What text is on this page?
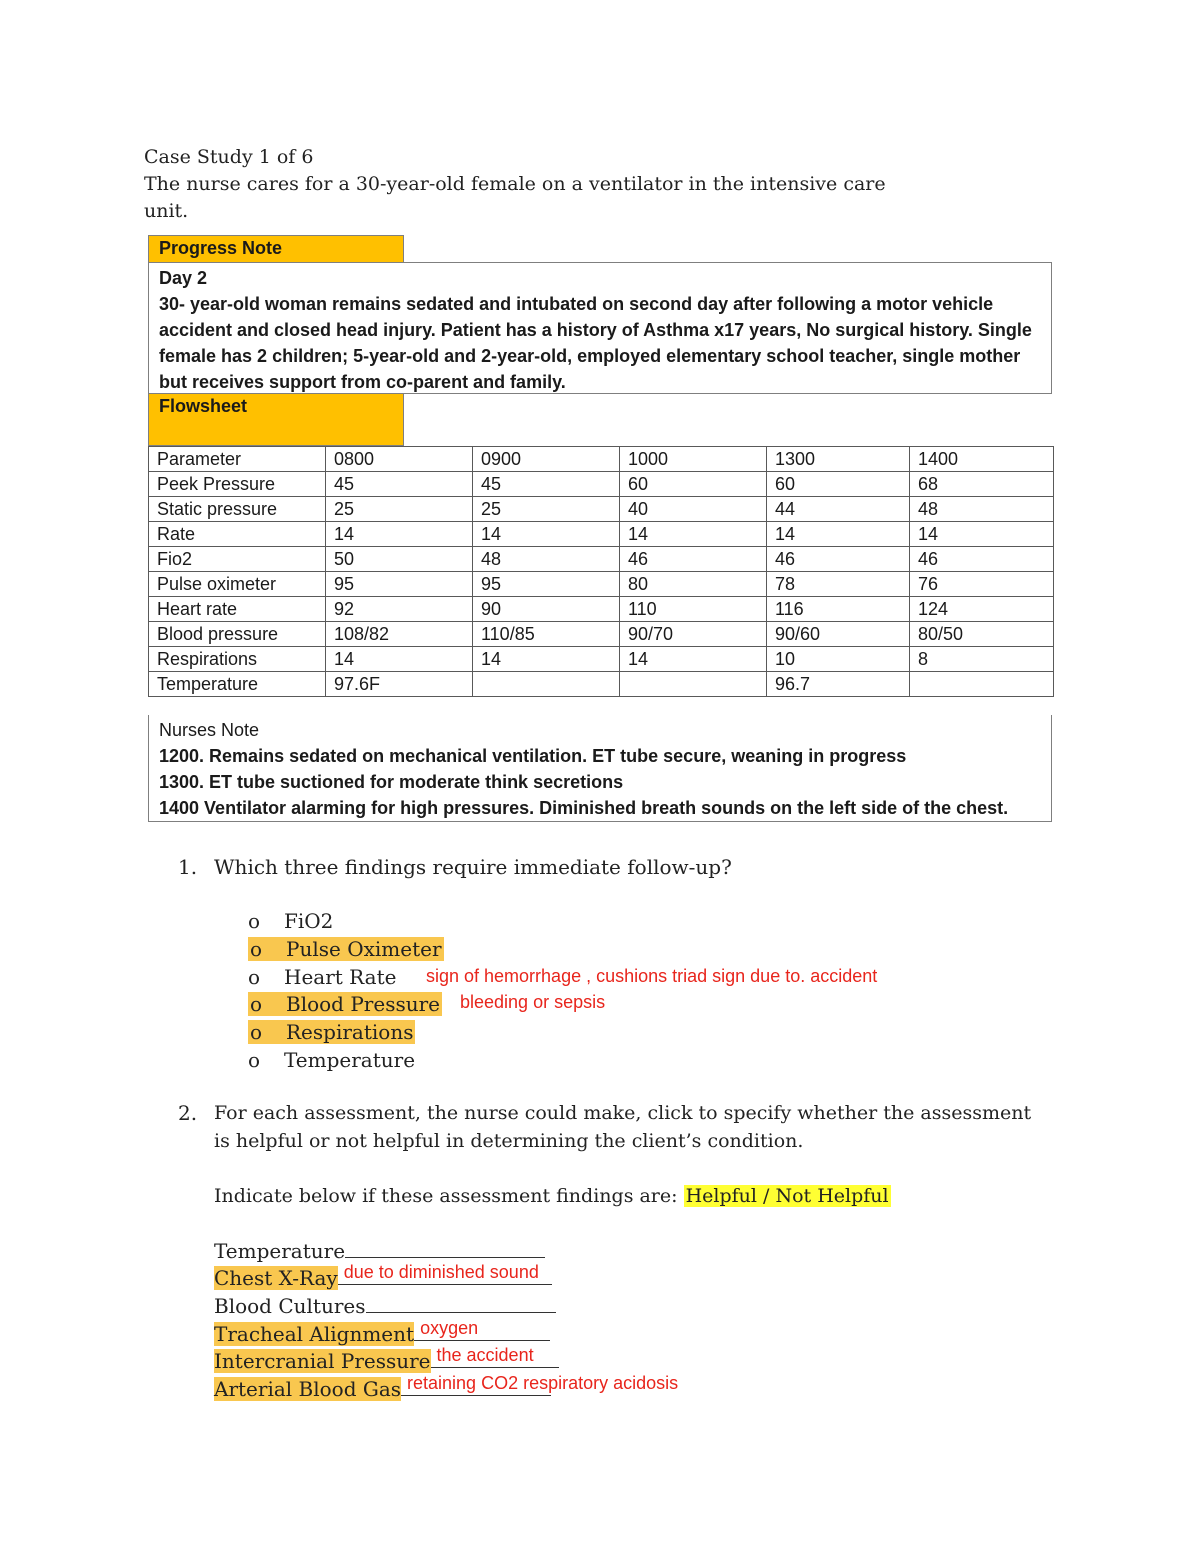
Case Study 1 of 6
The nurse cares for a 30-year-old female on a ventilator in the intensive care
unit.
Progress Note
Day 2
30- year-old woman remains sedated and intubated on second day after following a motor vehicle
accident and closed head injury. Patient has a history of Asthma x17 years, No surgical history. Single
female has 2 children; 5-year-old and 2-year-old, employed elementary school teacher, single mother
but receives support from co-parent and family.
Flowsheet
Parameter	0800	0900	1000	1300	1400
Peek Pressure	45	45	60	60	68
Static pressure	25	25	40	44	48
Rate	14	14	14	14	14
Fio2	50	48	46	46	46
Pulse oximeter	95	95	80	78	76
Heart rate	92	90	110	116	124
Blood pressure	108/82	110/85	90/70	90/60	80/50
Respirations	14	14	14	10	8
Temperature	97.6F			96.7	
Nurses Note
1200. Remains sedated on mechanical ventilation. ET tube secure, weaning in progress
1300. ET tube suctioned for moderate think secretions
1400 Ventilator alarming for high pressures. Diminished breath sounds on the left side of the chest.
1. Which three findings require immediate follow-up?
o FiO2
o Pulse Oximeter
o Heart Rate sign of hemorrhage , cushions triad sign due to. accident
o Blood Pressure bleeding or sepsis
o Respirations
o Temperature
2. For each assessment, the nurse could make, click to specify whether the assessment
is helpful or not helpful in determining the client’s condition.
Indicate below if these assessment findings are: Helpful / Not Helpful
Temperature
Chest X-Ray due to diminished sound
Blood Cultures
Tracheal Alignment oxygen
Intercranial Pressure the accident
Arterial Blood Gas retaining CO2 respiratory acidosis
